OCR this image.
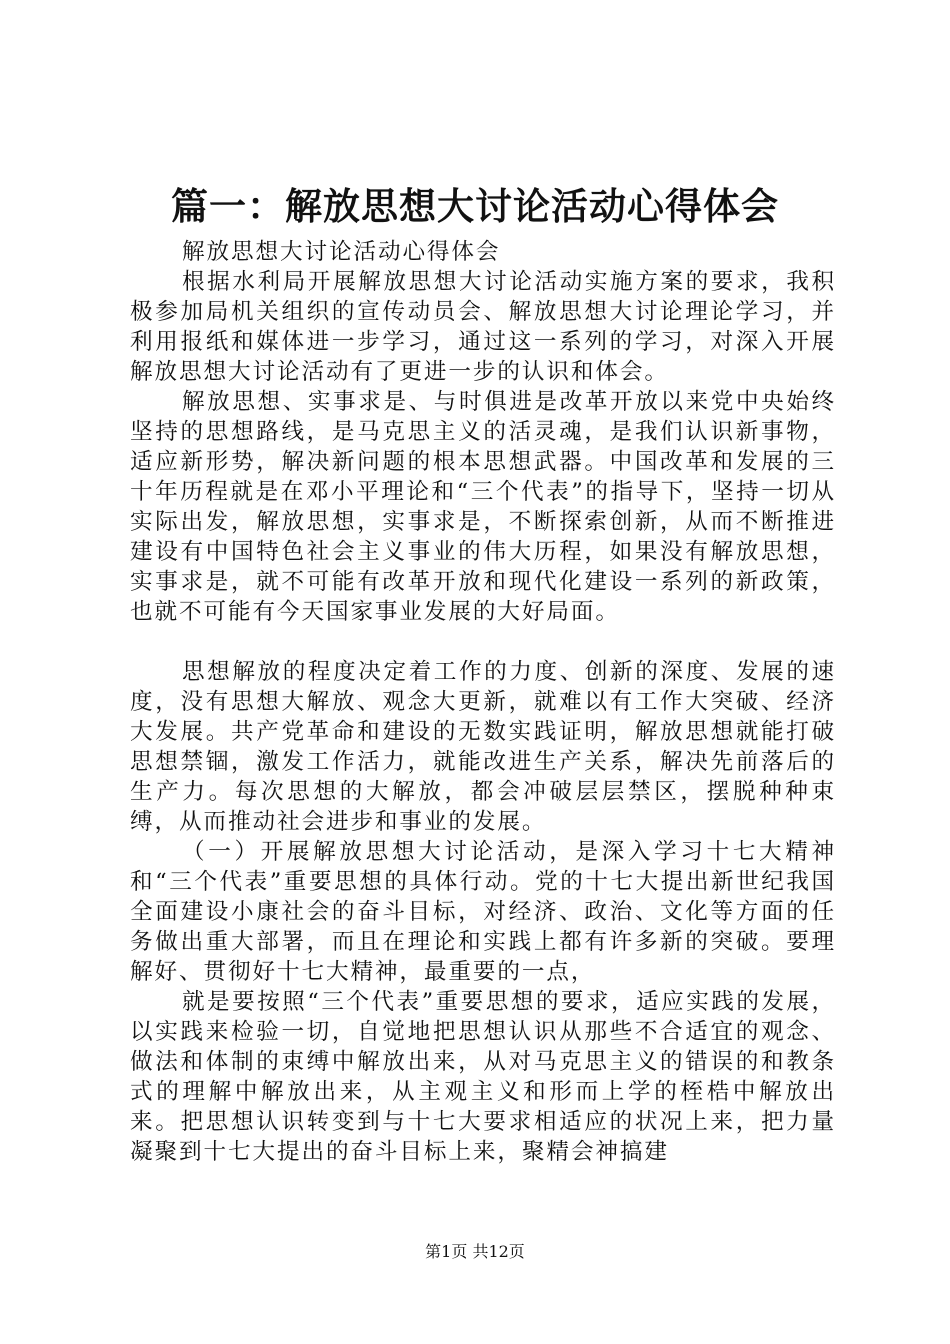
篇一：解放思想大讨论活动心得体会

解放思想大讨论活动心得体会

根据水利局开展解放思想大讨论活动实施方案的要求，我积极参加局机关组织的宣传动员会、解放思想大讨论理论学习，并利用报纸和媒体进一步学习，通过这一系列的学习，对深入开展解放思想大讨论活动有了更进一步的认识和体会。

解放思想、实事求是、与时俱进是改革开放以来党中央始终坚持的思想路线，是马克思主义的活灵魂，是我们认识新事物，适应新形势，解决新问题的根本思想武器。中国改革和发展的三十年历程就是在邓小平理论和“三个代表”的指导下，坚持一切从实际出发，解放思想，实事求是，不断探索创新，从而不断推进建设有中国特色社会主义事业的伟大历程，如果没有解放思想，实事求是，就不可能有改革开放和现代化建设一系列的新政策，也就不可能有今天国家事业发展的大好局面。

思想解放的程度决定着工作的力度、创新的深度、发展的速度，没有思想大解放、观念大更新，就难以有工作大突破、经济大发展。共产党革命和建设的无数实践证明，解放思想就能打破思想禁锢，激发工作活力，就能改进生产关系，解决先前落后的生产力。每次思想的大解放，都会冲破层层禁区，摆脱种种束缚，从而推动社会进步和事业的发展。

（一）开展解放思想大讨论活动，是深入学习十七大精神和“三个代表”重要思想的具体行动。党的十七大提出新世纪我国全面建设小康社会的奋斗目标，对经济、政治、文化等方面的任务做出重大部署，而且在理论和实践上都有许多新的突破。要理解好、贯彻好十七大精神，最重要的一点，

就是要按照“三个代表”重要思想的要求，适应实践的发展，以实践来检验一切，自觉地把思想认识从那些不合适宜的观念、做法和体制的束缚中解放出来，从对马克思主义的错误的和教条式的理解中解放出来，从主观主义和形而上学的桎梏中解放出来。把思想认识转变到与十七大要求相适应的状况上来，把力量凝聚到十七大提出的奋斗目标上来，聚精会神搞建

第1页 共12页
